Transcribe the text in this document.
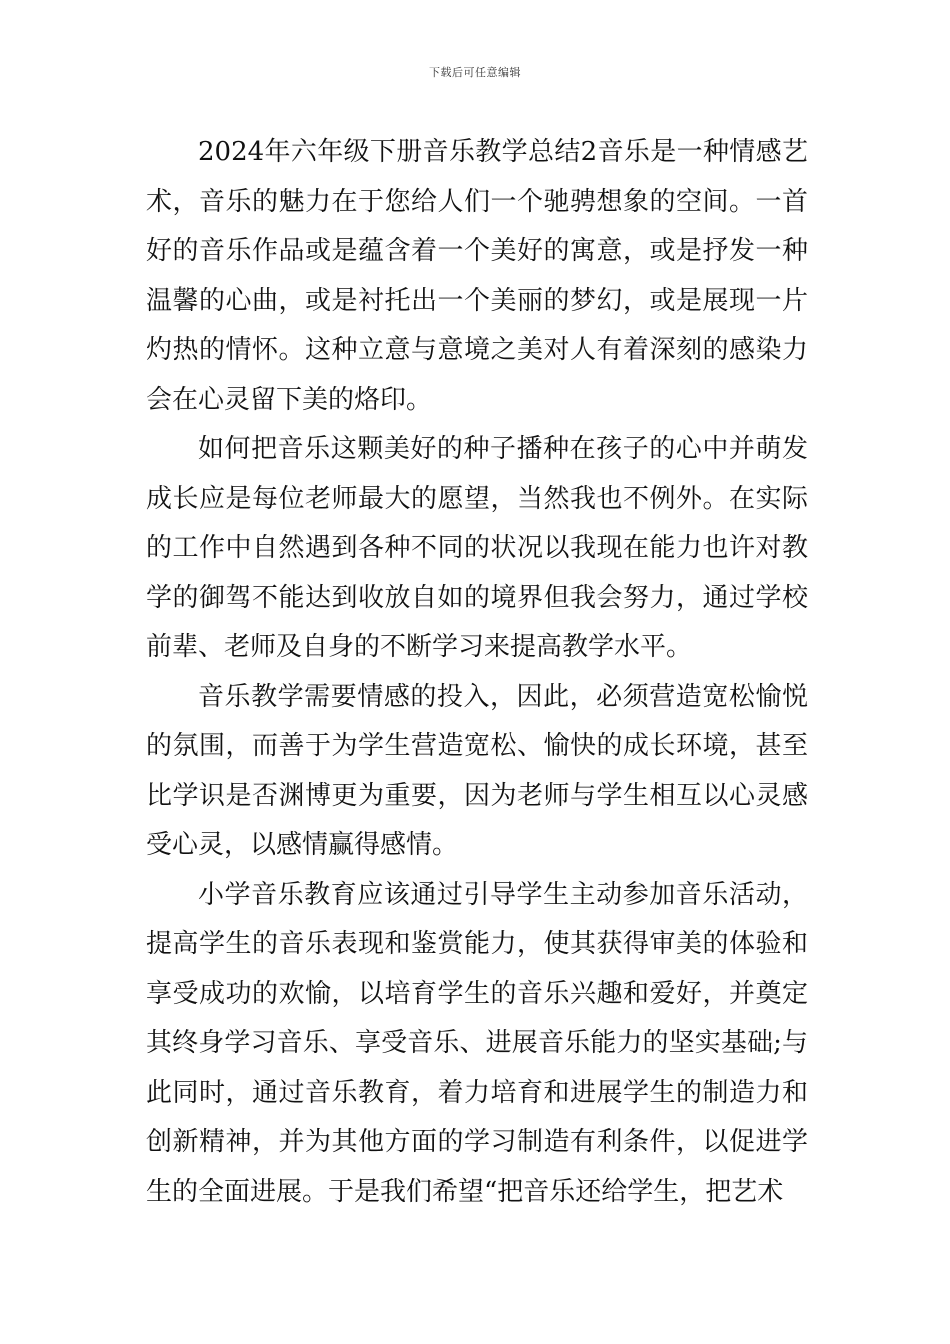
下载后可任意编辑

2024年六年级下册音乐教学总结2音乐是一种情感艺术，音乐的魅力在于您给人们一个驰骋想象的空间。一首好的音乐作品或是蕴含着一个美好的寓意，或是抒发一种温馨的心曲，或是衬托出一个美丽的梦幻，或是展现一片灼热的情怀。这种立意与意境之美对人有着深刻的感染力会在心灵留下美的烙印。

如何把音乐这颗美好的种子播种在孩子的心中并萌发成长应是每位老师最大的愿望，当然我也不例外。在实际的工作中自然遇到各种不同的状况以我现在能力也许对教学的御驾不能达到收放自如的境界但我会努力，通过学校前辈、老师及自身的不断学习来提高教学水平。

音乐教学需要情感的投入，因此，必须营造宽松愉悦的氛围，而善于为学生营造宽松、愉快的成长环境，甚至比学识是否渊博更为重要，因为老师与学生相互以心灵感受心灵，以感情赢得感情。

小学音乐教育应该通过引导学生主动参加音乐活动，提高学生的音乐表现和鉴赏能力，使其获得审美的体验和享受成功的欢愉，以培育学生的音乐兴趣和爱好，并奠定其终身学习音乐、享受音乐、进展音乐能力的坚实基础;与此同时，通过音乐教育，着力培育和进展学生的制造力和创新精神，并为其他方面的学习制造有利条件，以促进学生的全面进展。于是我们希望“把音乐还给学生，把艺术
